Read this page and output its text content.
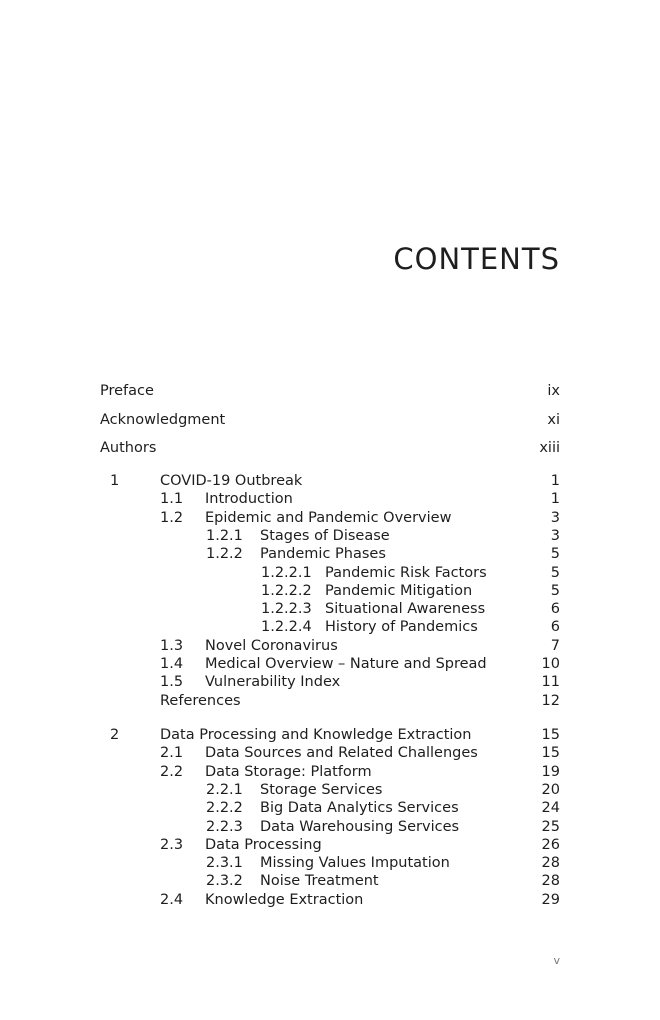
CONTENTS
Preface	ix
Acknowledgment	xi
Authors	xiii
1	COVID-19 Outbreak	1
1.1 Introduction	1
1.2 Epidemic and Pandemic Overview	3
1.2.1 Stages of Disease	3
1.2.2 Pandemic Phases	5
1.2.2.1 Pandemic Risk Factors	5
1.2.2.2 Pandemic Mitigation	5
1.2.2.3 Situational Awareness	6
1.2.2.4 History of Pandemics	6
1.3 Novel Coronavirus	7
1.4 Medical Overview – Nature and Spread	10
1.5 Vulnerability Index	11
References	12
2	Data Processing and Knowledge Extraction	15
2.1 Data Sources and Related Challenges	15
2.2 Data Storage: Platform	19
2.2.1 Storage Services	20
2.2.2 Big Data Analytics Services	24
2.2.3 Data Warehousing Services	25
2.3 Data Processing	26
2.3.1 Missing Values Imputation	28
2.3.2 Noise Treatment	28
2.4 Knowledge Extraction	29
v
